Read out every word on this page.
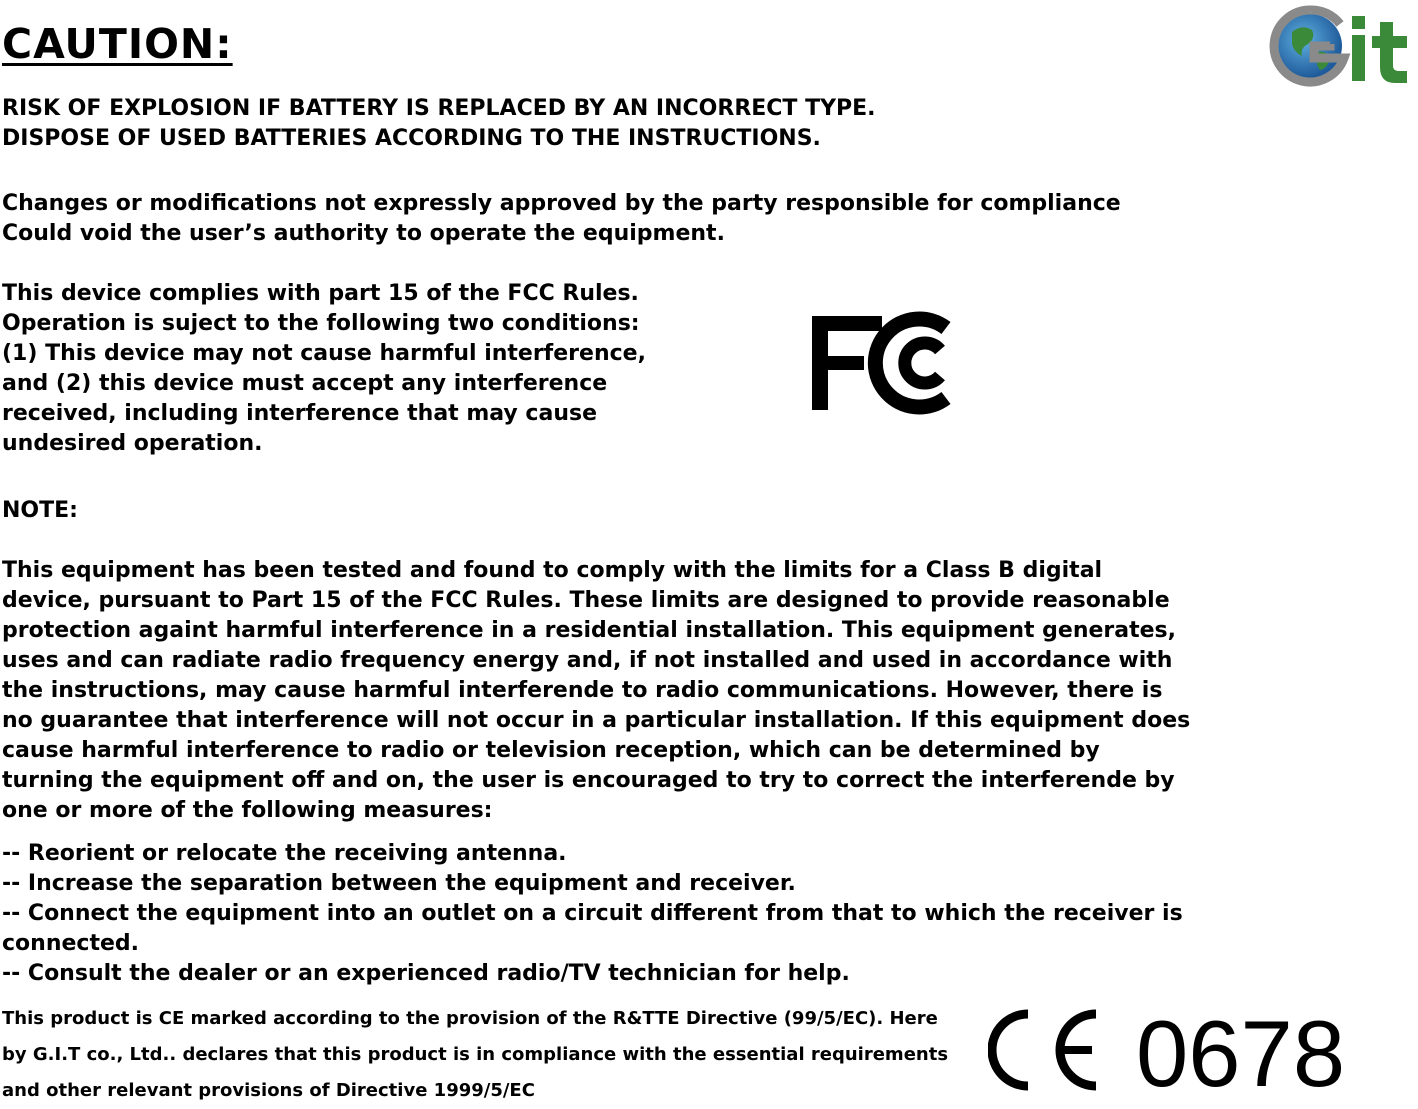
CAUTION:
RISK OF EXPLOSION IF BATTERY IS REPLACED BY AN INCORRECT TYPE.
DISPOSE OF USED BATTERIES ACCORDING TO THE INSTRUCTIONS.
Changes or modifications not expressly approved by the party responsible for compliance
Could void the user’s authority to operate the equipment.
This device complies with part 15 of the FCC Rules.
Operation is suject to the following two conditions:
(1) This device may not cause harmful interference,
and (2) this device must accept any interference
received, including interference that may cause
undesired operation.
NOTE:
This equipment has been tested and found to comply with the limits for a Class B digital
device, pursuant to Part 15 of the FCC Rules. These limits are designed to provide reasonable
protection againt harmful interference in a residential installation. This equipment generates,
uses and can radiate radio frequency energy and, if not installed and used in accordance with
the instructions, may cause harmful interferende to radio communications. However, there is
no guarantee that interference will not occur in a particular installation. If this equipment does
cause harmful interference to radio or television reception, which can be determined by
turning the equipment off and on, the user is encouraged to try to correct the interferende by
one or more of the following measures:
-- Reorient or relocate the receiving antenna.
-- Increase the separation between the equipment and receiver.
-- Connect the equipment into an outlet on a circuit different from that to which the receiver is
connected.
-- Consult the dealer or an experienced radio/TV technician for help.
This product is CE marked according to the provision of the R&TTE Directive (99/5/EC). Here
by G.I.T co., Ltd.. declares that this product is in compliance with the essential requirements
and other relevant provisions of Directive 1999/5/EC	0678
